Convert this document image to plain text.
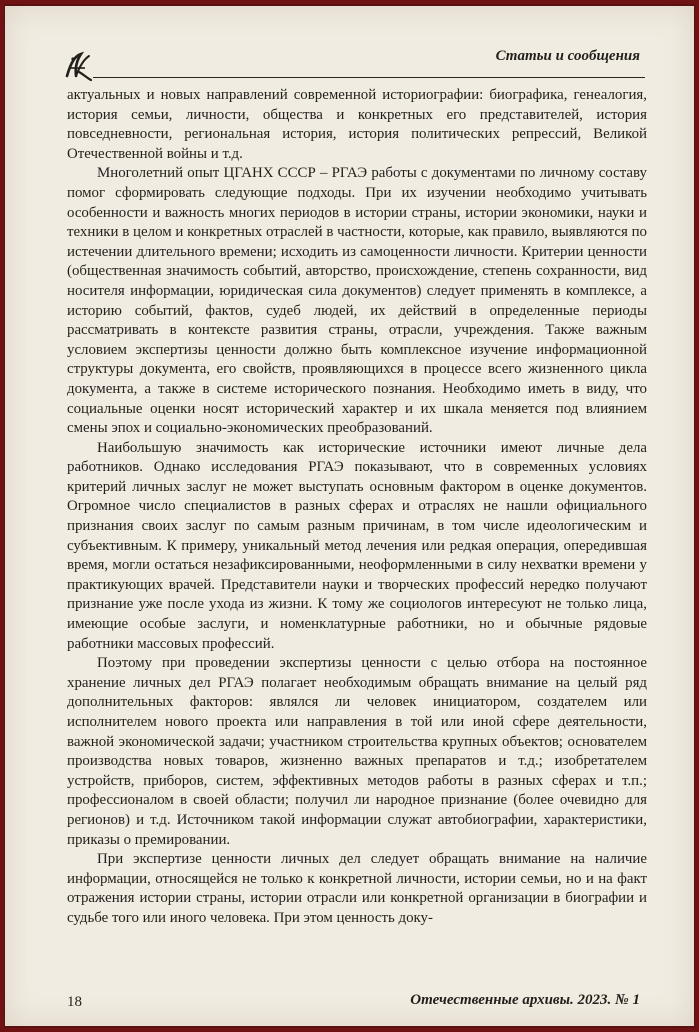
Статьи и сообщения

актуальных и новых направлений современной историографии: биографика, генеалогия, история семьи, личности, общества и конкретных его представителей, история повседневности, региональная история, история политических репрессий, Великой Отечественной войны и т.д.

Многолетний опыт ЦГАНХ СССР – РГАЭ работы с документами по личному составу помог сформировать следующие подходы. При их изучении необходимо учитывать особенности и важность многих периодов в истории страны, истории экономики, науки и техники в целом и конкретных отраслей в частности, которые, как правило, выявляются по истечении длительного времени; исходить из самоценности личности. Критерии ценности (общественная значимость событий, авторство, происхождение, степень сохранности, вид носителя информации, юридическая сила документов) следует применять в комплексе, а историю событий, фактов, судеб людей, их действий в определенные периоды рассматривать в контексте развития страны, отрасли, учреждения. Также важным условием экспертизы ценности должно быть комплексное изучение информационной структуры документа, его свойств, проявляющихся в процессе всего жизненного цикла документа, а также в системе исторического познания. Необходимо иметь в виду, что социальные оценки носят исторический характер и их шкала меняется под влиянием смены эпох и социально-экономических преобразований.

Наибольшую значимость как исторические источники имеют личные дела работников. Однако исследования РГАЭ показывают, что в современных условиях критерий личных заслуг не может выступать основным фактором в оценке документов. Огромное число специалистов в разных сферах и отраслях не нашли официального признания своих заслуг по самым разным причинам, в том числе идеологическим и субъективным. К примеру, уникальный метод лечения или редкая операция, опередившая время, могли остаться незафиксированными, неоформленными в силу нехватки времени у практикующих врачей. Представители науки и творческих профессий нередко получают признание уже после ухода из жизни. К тому же социологов интересуют не только лица, имеющие особые заслуги, и номенклатурные работники, но и обычные рядовые работники массовых профессий.

Поэтому при проведении экспертизы ценности с целью отбора на постоянное хранение личных дел РГАЭ полагает необходимым обращать внимание на целый ряд дополнительных факторов: являлся ли человек инициатором, создателем или исполнителем нового проекта или направления в той или иной сфере деятельности, важной экономической задачи; участником строительства крупных объектов; основателем производства новых товаров, жизненно важных препаратов и т.д.; изобретателем устройств, приборов, систем, эффективных методов работы в разных сферах и т.п.; профессионалом в своей области; получил ли народное признание (более очевидно для регионов) и т.д. Источником такой информации служат автобиографии, характеристики, приказы о премировании.

При экспертизе ценности личных дел следует обращать внимание на наличие информации, относящейся не только к конкретной личности, истории семьи, но и на факт отражения истории страны, истории отрасли или конкретной организации в биографии и судьбе того или иного человека. При этом ценность доку-

18	Отечественные архивы. 2023. № 1
